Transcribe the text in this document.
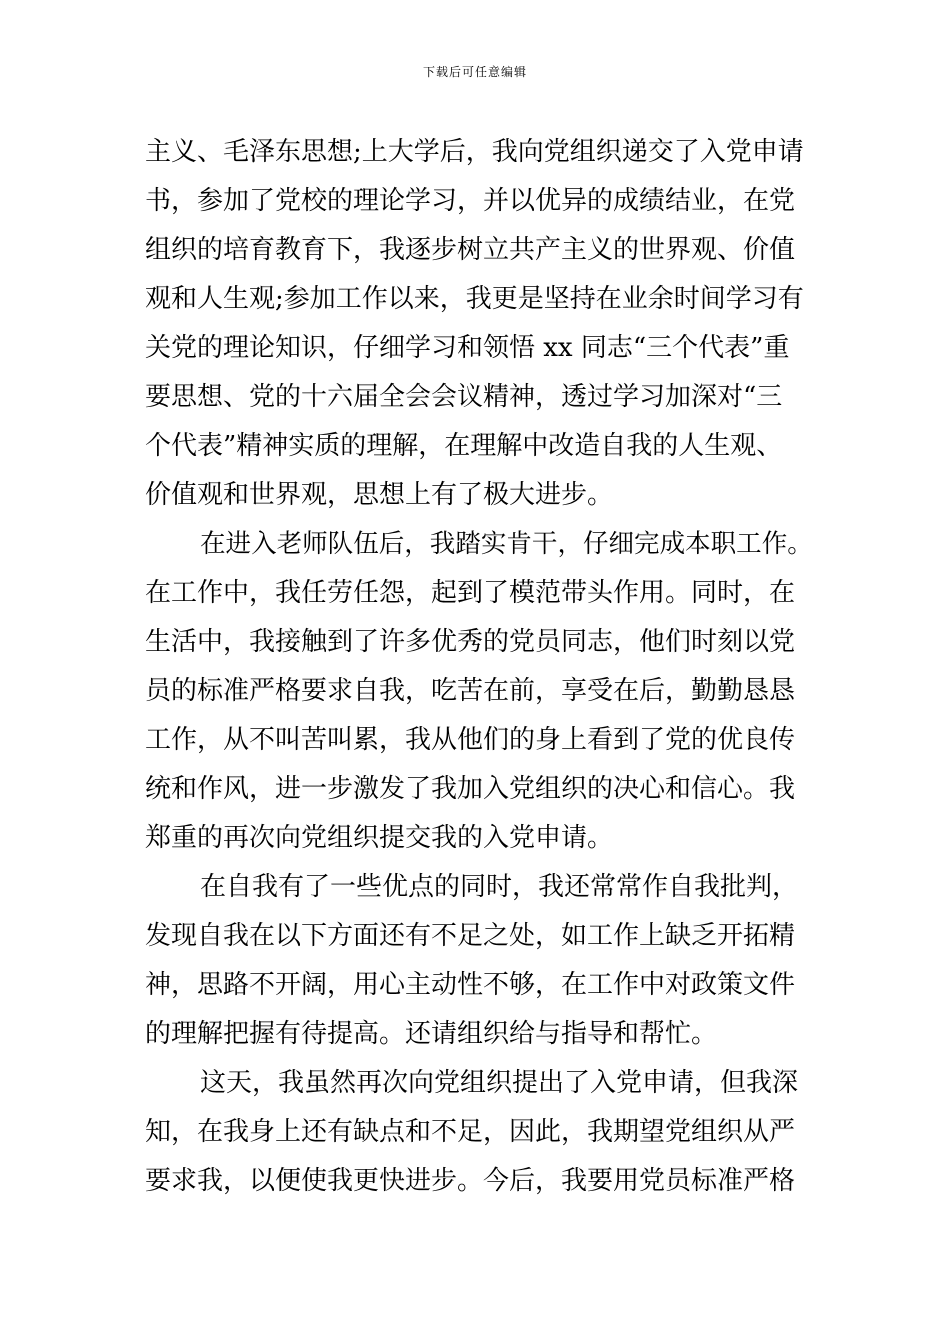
下载后可任意编辑
主义、毛泽东思想;上大学后，我向党组织递交了入党申请
书，参加了党校的理论学习，并以优异的成绩结业，在党
组织的培育教育下，我逐步树立共产主义的世界观、价值
观和人生观;参加工作以来，我更是坚持在业余时间学习有
关党的理论知识，仔细学习和领悟 xx 同志“三个代表”重
要思想、党的十六届全会会议精神，透过学习加深对“三
个代表”精神实质的理解，在理解中改造自我的人生观、
价值观和世界观，思想上有了极大进步。
在进入老师队伍后，我踏实肯干，仔细完成本职工作。
在工作中，我任劳任怨，起到了模范带头作用。同时，在
生活中，我接触到了许多优秀的党员同志，他们时刻以党
员的标准严格要求自我，吃苦在前，享受在后，勤勤恳恳
工作，从不叫苦叫累，我从他们的身上看到了党的优良传
统和作风，进一步激发了我加入党组织的决心和信心。我
郑重的再次向党组织提交我的入党申请。
在自我有了一些优点的同时，我还常常作自我批判，
发现自我在以下方面还有不足之处，如工作上缺乏开拓精
神，思路不开阔，用心主动性不够，在工作中对政策文件
的理解把握有待提高。还请组织给与指导和帮忙。
这天，我虽然再次向党组织提出了入党申请，但我深
知，在我身上还有缺点和不足，因此，我期望党组织从严
要求我，以便使我更快进步。今后，我要用党员标准严格
